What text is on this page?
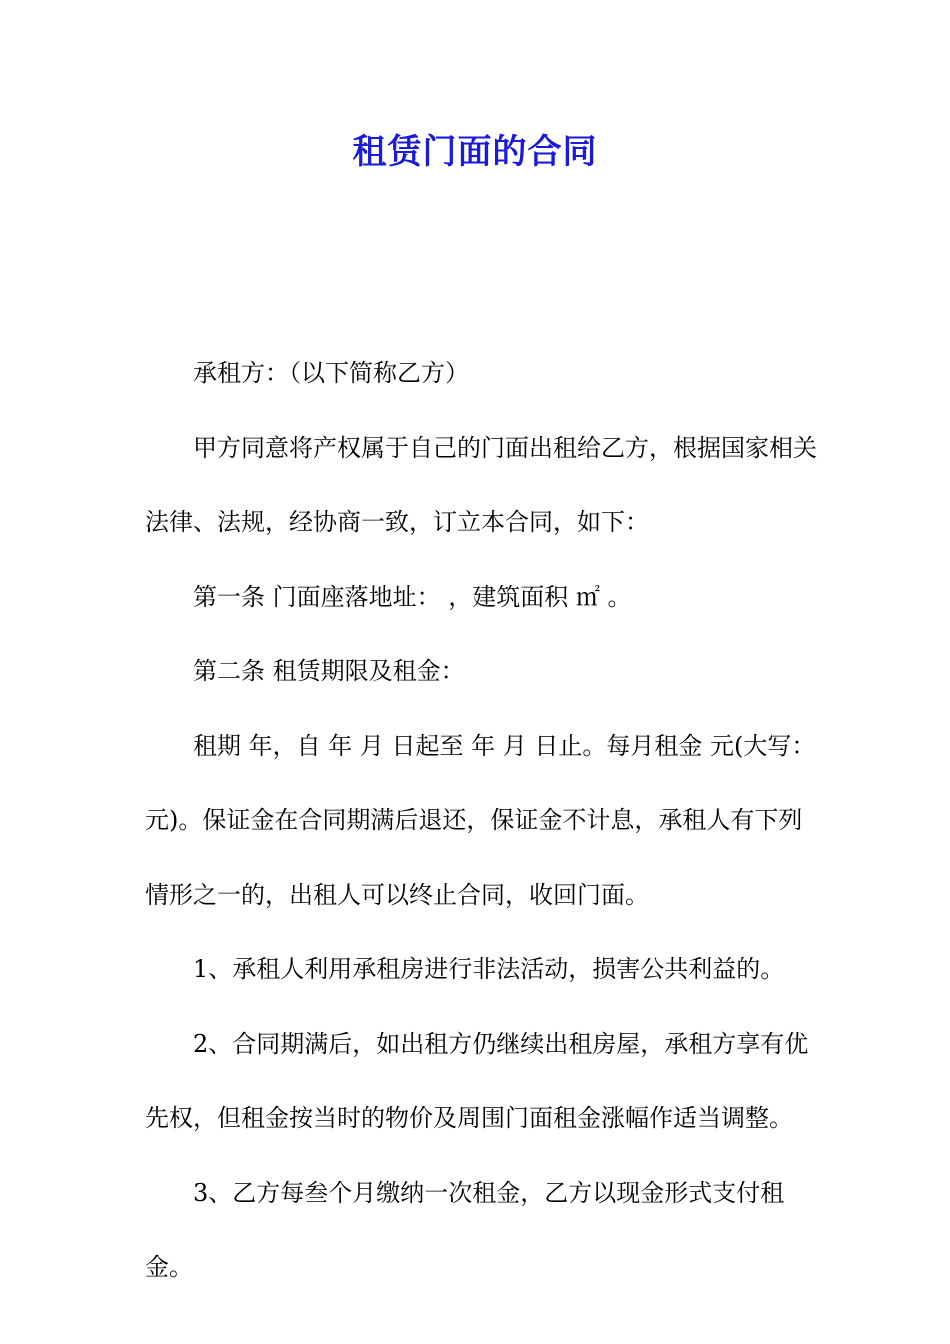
租赁门面的合同

承租方：（以下简称乙方）

甲方同意将产权属于自己的门面出租给乙方，根据国家相关法律、法规，经协商一致，订立本合同，如下：

第一条 门面座落地址： ，建筑面积 ㎡ 。

第二条 租赁期限及租金：

租期 年，自 年 月 日起至 年 月 日止。每月租金 元(大写： 元)。保证金在合同期满后退还，保证金不计息，承租人有下列情形之一的，出租人可以终止合同，收回门面。

1、承租人利用承租房进行非法活动，损害公共利益的。

2、合同期满后，如出租方仍继续出租房屋，承租方享有优先权，但租金按当时的物价及周围门面租金涨幅作适当调整。

3、乙方每叁个月缴纳一次租金，乙方以现金形式支付租金。
